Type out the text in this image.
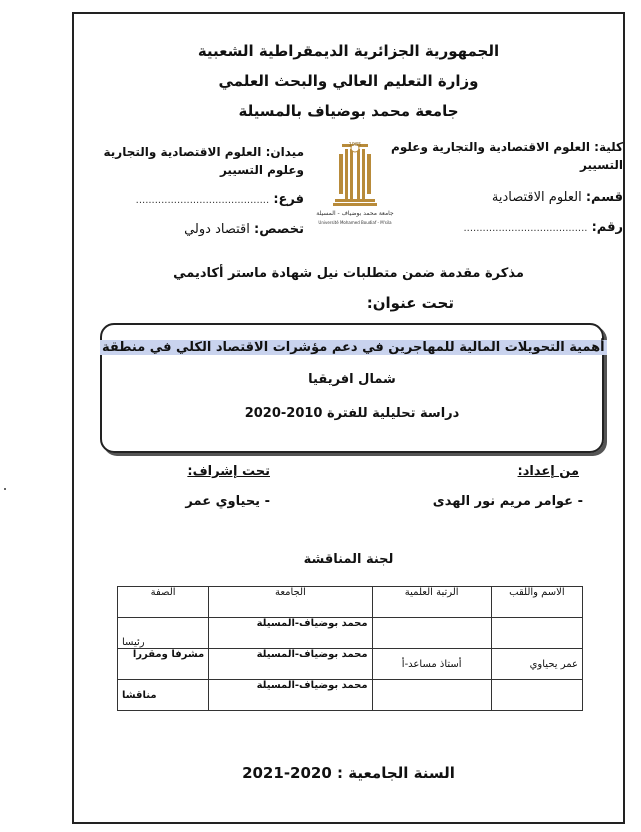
الجمهورية الجزائرية الديمقراطية الشعبية
وزارة التعليم العالي والبحث العلمي
جامعة محمد بوضياف بالمسيلة
كلية: العلوم الاقتصادية والتجارية وعلوم
التسيير
قسم: العلوم الاقتصادية
رقم: .......................................
1985
جامعة محمد بوضياف - المسيلة
Université Mohamed Boudiaf - M'sila
ميدان: العلوم الاقتصادية والتجارية
وعلوم التسيير
فرع: ..........................................
تخصص: اقتصاد دولي
مذكرة مقدمة ضمن متطلبات نيل شهادة ماستر أكاديمي
تحت عنوان:
أهمية التحويلات المالية للمهاجرين في دعم مؤشرات الاقتصاد الكلي في منطقة
شمال افريقيا
دراسة تحليلية للفترة 2010-2020
من إعداد:
- عوامر مريم نور الهدى
تحت إشراف:
- يحياوي عمر
لجنة المناقشة
الاسم واللقب	الرتبة العلمية	الجامعة	الصفة
		محمد بوضياف-المسيلة	رئيسا
عمر يحياوي	أستاذ مساعد-أ	محمد بوضياف-المسيلة	مشرفا ومقررا
		محمد بوضياف-المسيلة	مناقشا
السنة الجامعية : 2020-2021
